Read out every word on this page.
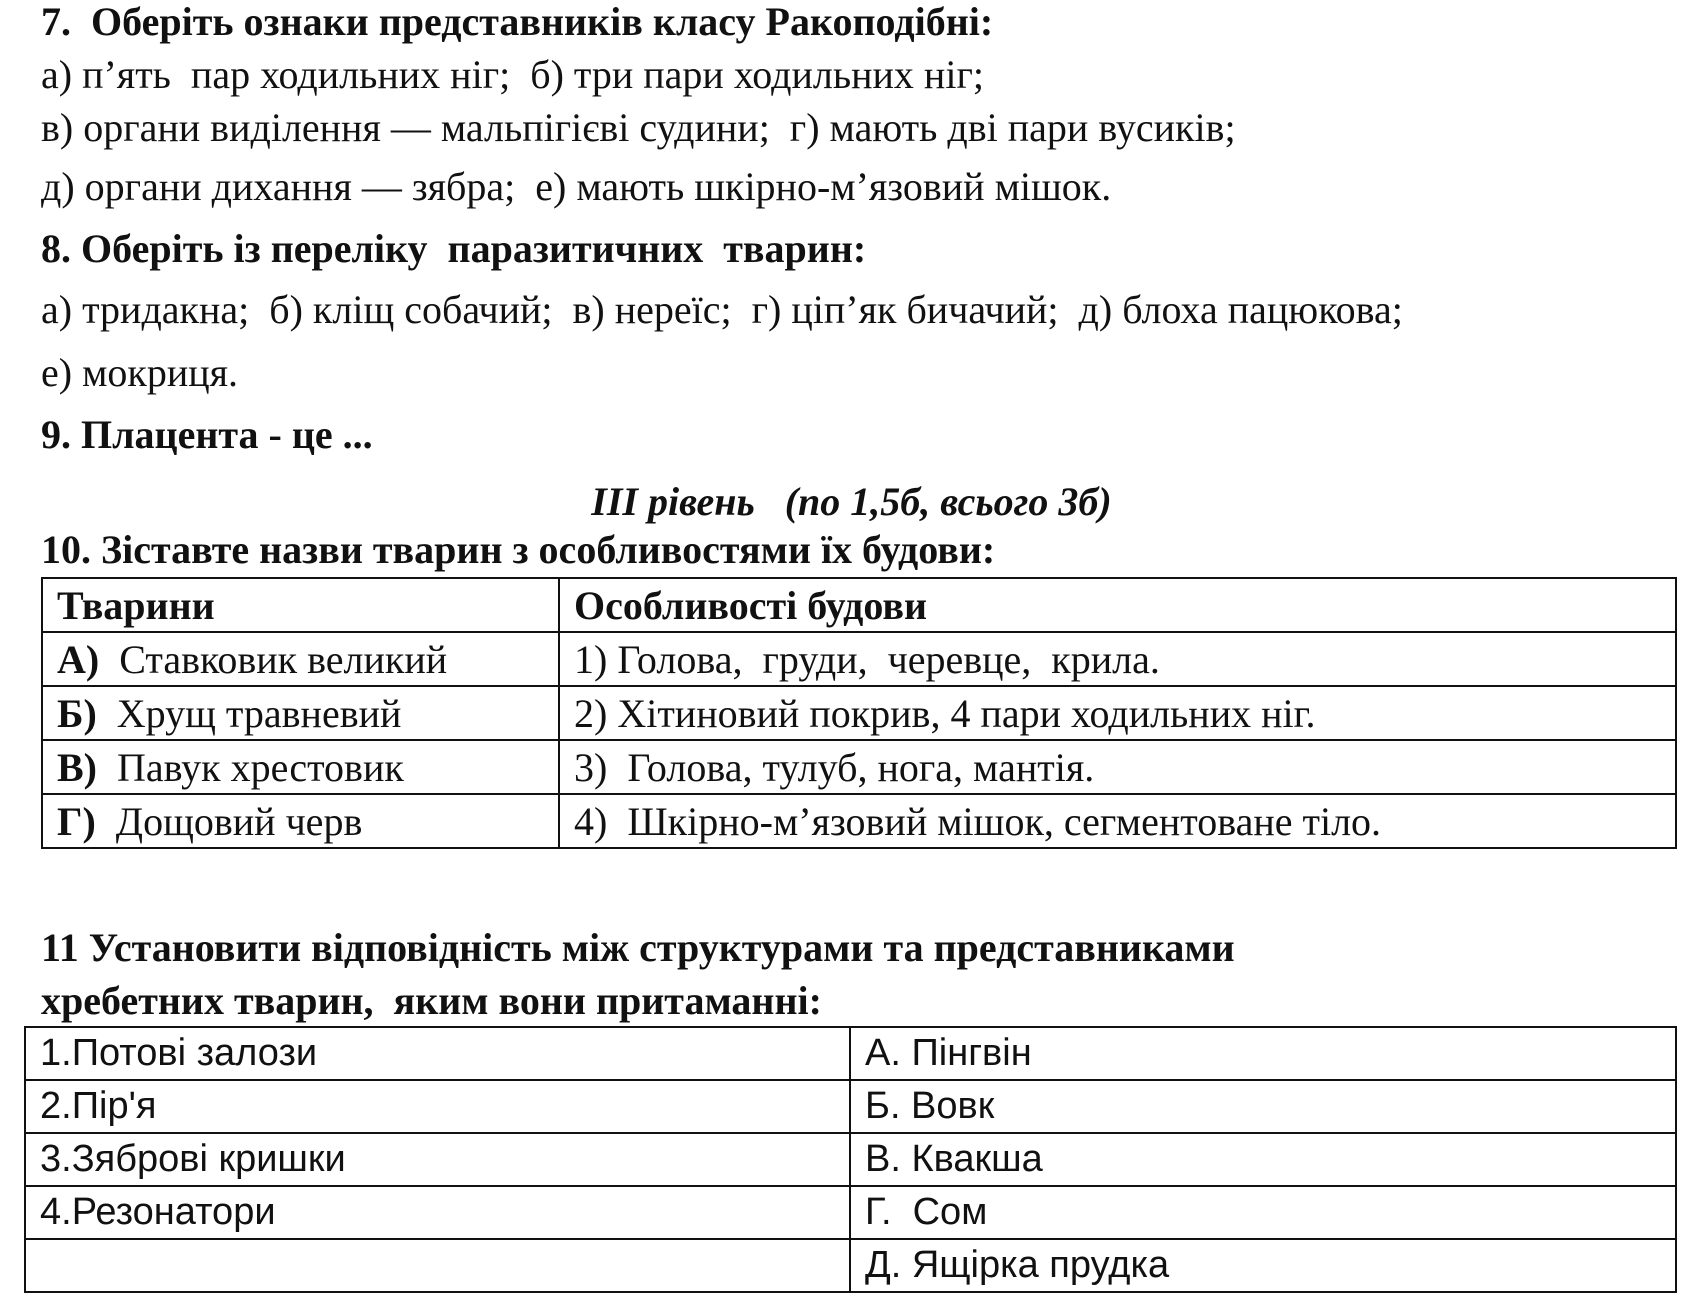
7.  Оберіть ознаки представників класу Ракоподібні:
а) п’ять  пар ходильних ніг;  б) три пари ходильних ніг;
в) органи виділення — мальпігієві судини;  г) мають дві пари вусиків;
д) органи дихання — зябра;  е) мають шкірно-м’язовий мішок.
8. Оберіть із переліку  паразитичних  тварин:
а) тридакна;  б) кліщ собачий;  в) нереїс;  г) ціп’як бичачий;  д) блоха пацюкова;
е) мокриця.
9. Плацента - це ...
ІІІ рівень   (по 1,5б, всього 3б)
10. Зіставте назви тварин з особливостями їх будови:
Тварини	Особливості будови
А)  Ставковик великий	1) Голова,  груди,  черевце,  крила.
Б)  Хрущ травневий	2) Хітиновий покрив, 4 пари ходильних ніг.
В)  Павук хрестовик	3)  Голова, тулуб, нога, мантія.
Г)  Дощовий черв	4)  Шкірно-м’язовий мішок, сегментоване тіло.
11 Установити відповідність між структурами та представниками
хребетних тварин,  яким вони притаманні:
1.Потові залози	А. Пінгвін
2.Пір'я	Б. Вовк
3.Зяброві кришки	В. Квакша
4.Резонатори	Г.  Сом
	Д. Ящірка прудка
